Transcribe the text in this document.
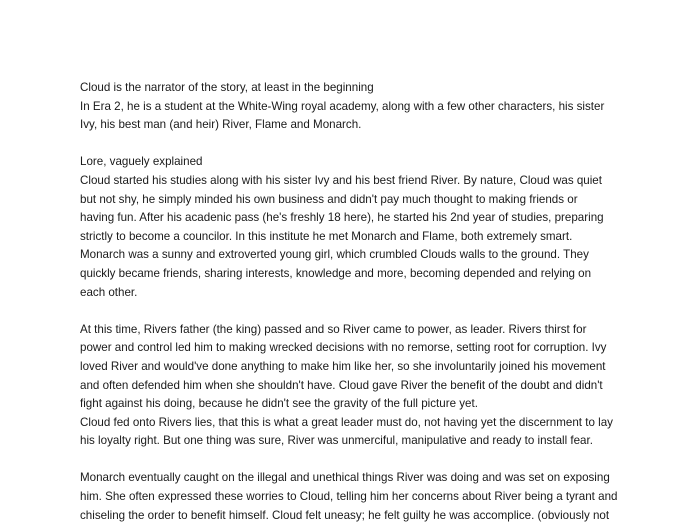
Cloud is the narrator of the story, at least in the beginning
In Era 2, he is a student at the White-Wing royal academy, along with a few other characters, his sister
Ivy, his best man (and heir) River, Flame and Monarch.
Lore, vaguely explained
Cloud started his studies along with his sister Ivy and his best friend River. By nature, Cloud was quiet
but not shy, he simply minded his own business and didn't pay much thought to making friends or
having fun. After his acadenic pass (he's freshly 18 here), he started his 2nd year of studies, preparing
strictly to become a councilor. In this institute he met Monarch and Flame, both extremely smart.
Monarch was a sunny and extroverted young girl, which crumbled Clouds walls to the ground. They
quickly became friends, sharing interests, knowledge and more, becoming depended and relying on
each other.
At this time, Rivers father (the king) passed and so River came to power, as leader. Rivers thirst for
power and control led him to making wrecked decisions with no remorse, setting root for corruption. Ivy
loved River and would've done anything to make him like her, so she involuntarily joined his movement
and often defended him when she shouldn't have. Cloud gave River the benefit of the doubt and didn't
fight against his doing, because he didn't see the gravity of the full picture yet.
Cloud fed onto Rivers lies, that this is what a great leader must do, not having yet the discernment to lay
his loyalty right. But one thing was sure, River was unmerciful, manipulative and ready to install fear.
Monarch eventually caught on the illegal and unethical things River was doing and was set on exposing
him. She often expressed these worries to Cloud, telling him her concerns about River being a tyrant and
chiseling the order to benefit himself. Cloud felt uneasy; he felt guilty he was accomplice. (obviously not
